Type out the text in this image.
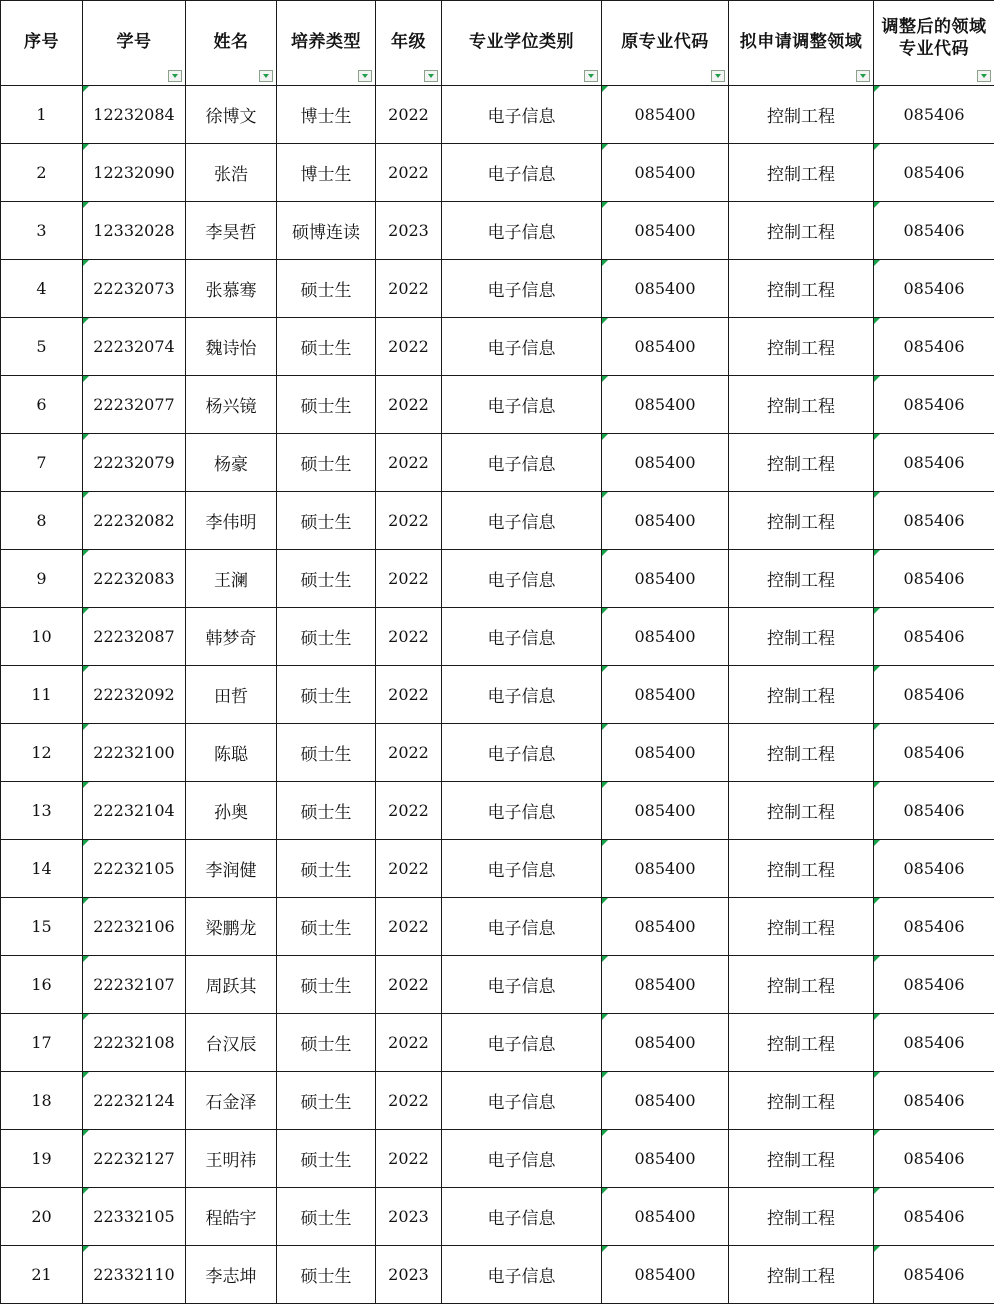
序号	学号	姓名	培养类型	年级	专业学位类别	原专业代码	拟申请调整领域	调整后的领域专业代码

1	12232084	徐博文	博士生	2022	电子信息	085400	控制工程	085406
2	12232090	张浩	博士生	2022	电子信息	085400	控制工程	085406
3	12332028	李昊哲	硕博连读	2023	电子信息	085400	控制工程	085406
4	22232073	张慕骞	硕士生	2022	电子信息	085400	控制工程	085406
5	22232074	魏诗怡	硕士生	2022	电子信息	085400	控制工程	085406
6	22232077	杨兴镜	硕士生	2022	电子信息	085400	控制工程	085406
7	22232079	杨豪	硕士生	2022	电子信息	085400	控制工程	085406
8	22232082	李伟明	硕士生	2022	电子信息	085400	控制工程	085406
9	22232083	王澜	硕士生	2022	电子信息	085400	控制工程	085406
10	22232087	韩梦奇	硕士生	2022	电子信息	085400	控制工程	085406
11	22232092	田哲	硕士生	2022	电子信息	085400	控制工程	085406
12	22232100	陈聪	硕士生	2022	电子信息	085400	控制工程	085406
13	22232104	孙奥	硕士生	2022	电子信息	085400	控制工程	085406
14	22232105	李润健	硕士生	2022	电子信息	085400	控制工程	085406
15	22232106	梁鹏龙	硕士生	2022	电子信息	085400	控制工程	085406
16	22232107	周跃其	硕士生	2022	电子信息	085400	控制工程	085406
17	22232108	台汉辰	硕士生	2022	电子信息	085400	控制工程	085406
18	22232124	石金泽	硕士生	2022	电子信息	085400	控制工程	085406
19	22232127	王明祎	硕士生	2022	电子信息	085400	控制工程	085406
20	22332105	程皓宇	硕士生	2023	电子信息	085400	控制工程	085406
21	22332110	李志坤	硕士生	2023	电子信息	085400	控制工程	085406
